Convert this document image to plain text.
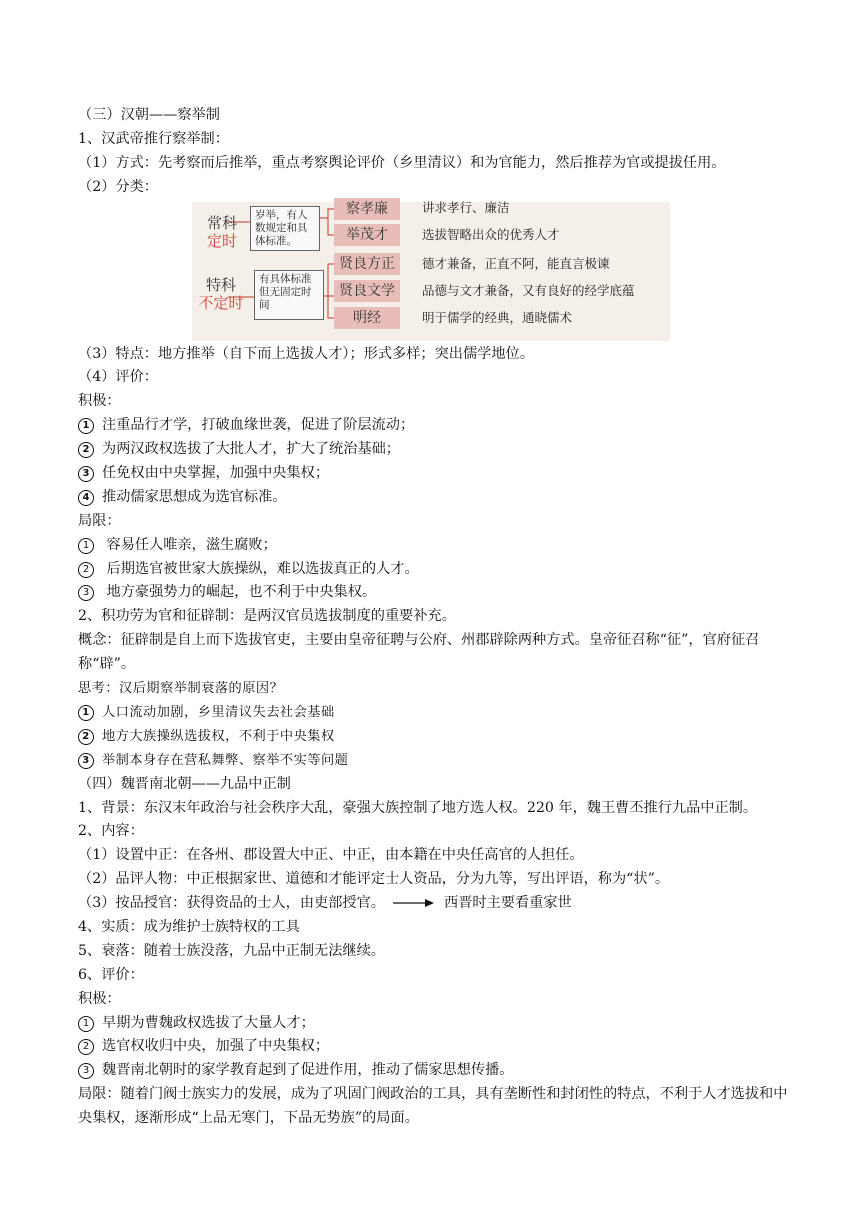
（三）汉朝——察举制
1、汉武帝推行察举制：
（1）方式：先考察而后推举，重点考察舆论评价（乡里清议）和为官能力，然后推荐为官或提拔任用。
（2）分类：
常科
定时
岁举，有人数规定和具体标准。
特科
不定时
有具体标准但无固定时间
察孝廉	讲求孝行、廉洁
举茂才	选拔智略出众的优秀人才
贤良方正	德才兼备，正直不阿，能直言极谏
贤良文学	品德与文才兼备，又有良好的经学底蕴
明经	明于儒学的经典，通晓儒术
（3）特点：地方推举（自下而上选拔人才）；形式多样；突出儒学地位。
（4）评价：
积极：
1 注重品行才学，打破血缘世袭，促进了阶层流动；
2 为两汉政权选拔了大批人才，扩大了统治基础；
3 任免权由中央掌握，加强中央集权；
4 推动儒家思想成为选官标准。
局限：
1 容易任人唯亲，滋生腐败；
2 后期选官被世家大族操纵，难以选拔真正的人才。
3 地方豪强势力的崛起，也不利于中央集权。
2、积功劳为官和征辟制：是两汉官员选拔制度的重要补充。
概念：征辟制是自上而下选拔官吏，主要由皇帝征聘与公府、州郡辟除两种方式。皇帝征召称“征”，官府征召称“辟”。
思考：汉后期察举制衰落的原因？
1 人口流动加剧，乡里清议失去社会基础
2 地方大族操纵选拔权，不利于中央集权
3 举制本身存在营私舞弊、察举不实等问题
（四）魏晋南北朝——九品中正制
1、背景：东汉末年政治与社会秩序大乱，豪强大族控制了地方选人权。220 年，魏王曹丕推行九品中正制。
2、内容：
（1）设置中正：在各州、郡设置大中正、中正，由本籍在中央任高官的人担任。
（2）品评人物：中正根据家世、道德和才能评定士人资品，分为九等，写出评语，称为“状”。
（3）按品授官：获得资品的士人，由吏部授官。	西晋时主要看重家世
4、实质：成为维护士族特权的工具
5、衰落：随着士族没落，九品中正制无法继续。
6、评价：
积极：
1 早期为曹魏政权选拔了大量人才；
2 选官权收归中央，加强了中央集权；
3 魏晋南北朝时的家学教育起到了促进作用，推动了儒家思想传播。
局限：随着门阀士族实力的发展，成为了巩固门阀政治的工具，具有垄断性和封闭性的特点，不利于人才选拔和中央集权，逐渐形成“上品无寒门，下品无势族”的局面。
